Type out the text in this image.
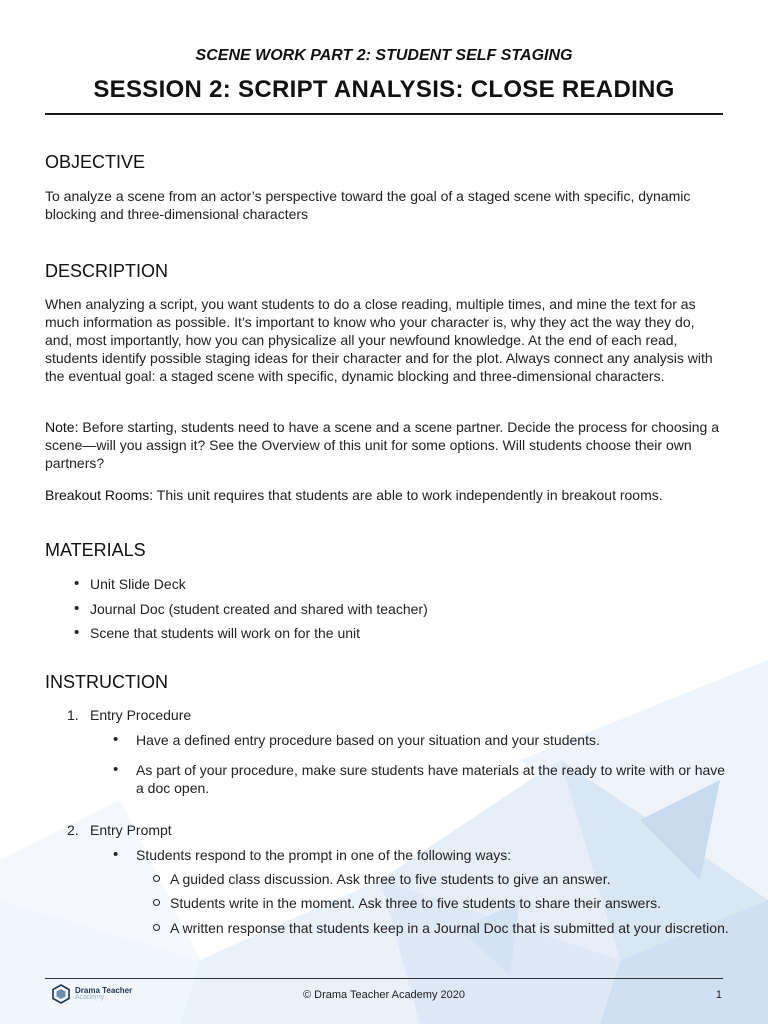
SCENE WORK PART 2: STUDENT SELF STAGING
SESSION 2: SCRIPT ANALYSIS: CLOSE READING
OBJECTIVE
To analyze a scene from an actor’s perspective toward the goal of a staged scene with specific, dynamic blocking and three-dimensional characters
DESCRIPTION
When analyzing a script, you want students to do a close reading, multiple times, and mine the text for as much information as possible. It’s important to know who your character is, why they act the way they do, and, most importantly, how you can physicalize all your newfound knowledge. At the end of each read, students identify possible staging ideas for their character and for the plot. Always connect any analysis with the eventual goal: a staged scene with specific, dynamic blocking and three-dimensional characters.
Note: Before starting, students need to have a scene and a scene partner. Decide the process for choosing a scene—will you assign it? See the Overview of this unit for some options. Will students choose their own partners?
Breakout Rooms: This unit requires that students are able to work independently in breakout rooms.
MATERIALS
• Unit Slide Deck
• Journal Doc (student created and shared with teacher)
• Scene that students will work on for the unit
INSTRUCTION
1. Entry Procedure
• Have a defined entry procedure based on your situation and your students.
• As part of your procedure, make sure students have materials at the ready to write with or have a doc open.
2. Entry Prompt
• Students respond to the prompt in one of the following ways:
A guided class discussion. Ask three to five students to give an answer.
Students write in the moment. Ask three to five students to share their answers.
A written response that students keep in a Journal Doc that is submitted at your discretion.
Drama Teacher
Academy	© Drama Teacher Academy 2020	1
